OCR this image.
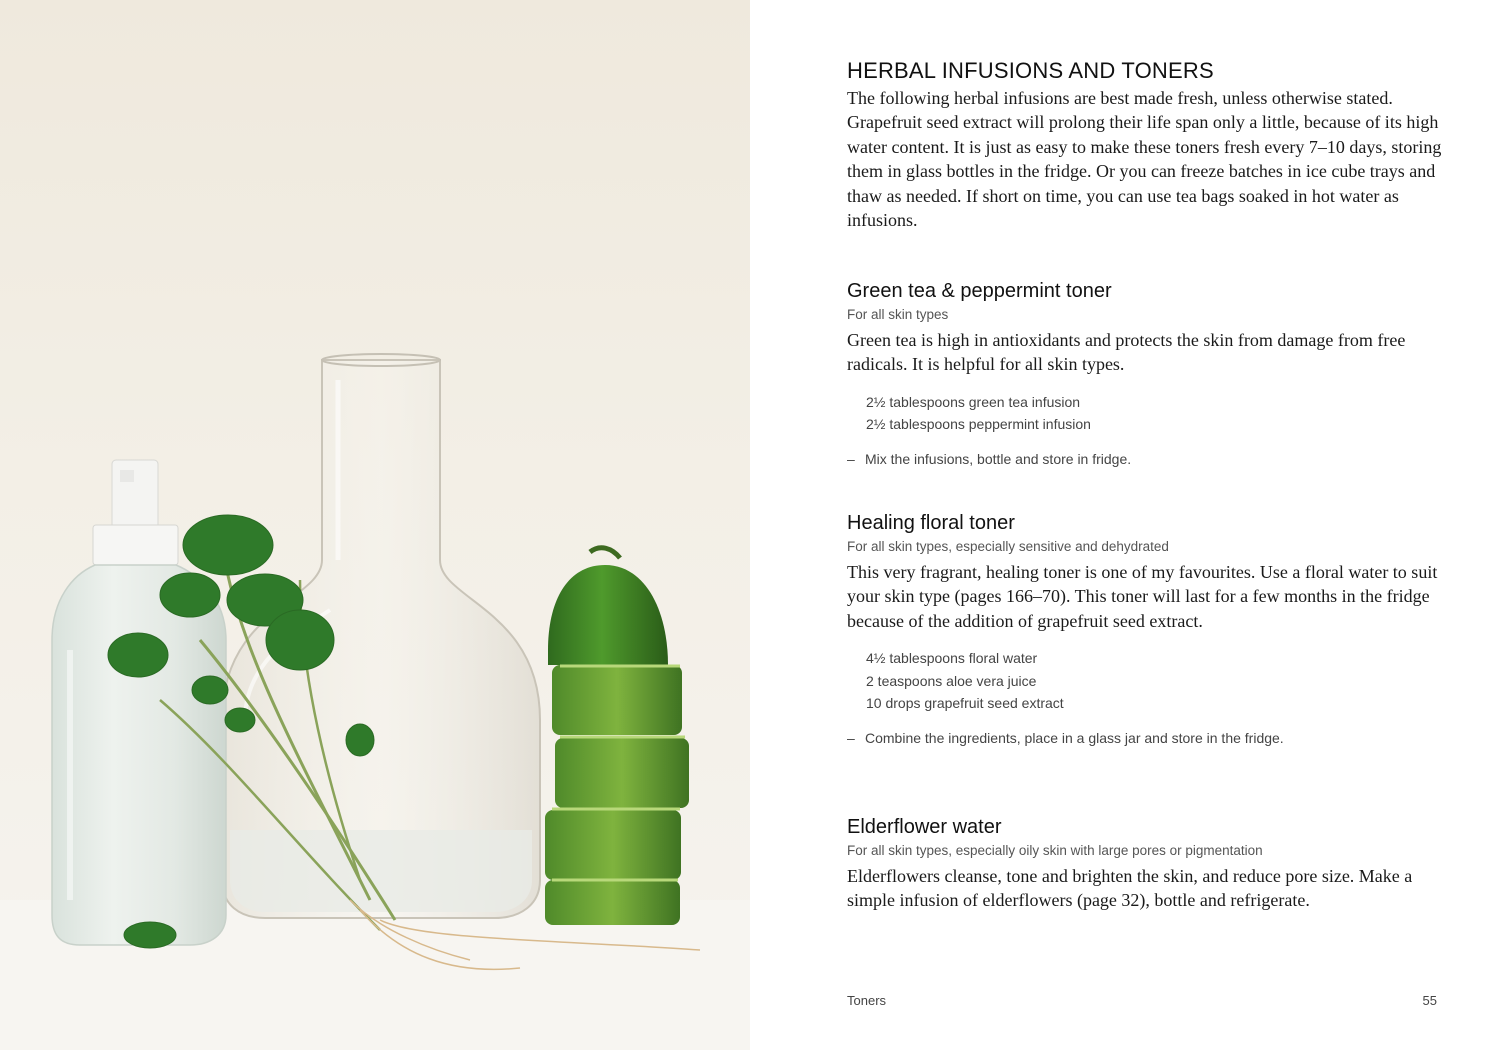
HERBAL INFUSIONS AND TONERS

The following herbal infusions are best made fresh, unless otherwise stated. Grapefruit seed extract will prolong their life span only a little, because of its high water content. It is just as easy to make these toners fresh every 7–10 days, storing them in glass bottles in the fridge. Or you can freeze batches in ice cube trays and thaw as needed. If short on time, you can use tea bags soaked in hot water as infusions.

Green tea & peppermint toner

For all skin types

Green tea is high in antioxidants and protects the skin from damage from free radicals. It is helpful for all skin types.

2½ tablespoons green tea infusion
2½ tablespoons peppermint infusion

– Mix the infusions, bottle and store in fridge.

Healing floral toner

For all skin types, especially sensitive and dehydrated

This very fragrant, healing toner is one of my favourites. Use a floral water to suit your skin type (pages 166–70). This toner will last for a few months in the fridge because of the addition of grapefruit seed extract.

4½ tablespoons floral water
2 teaspoons aloe vera juice
10 drops grapefruit seed extract

– Combine the ingredients, place in a glass jar and store in the fridge.

Elderflower water

For all skin types, especially oily skin with large pores or pigmentation

Elderflowers cleanse, tone and brighten the skin, and reduce pore size. Make a simple infusion of elderflowers (page 32), bottle and refrigerate.

Toners	55
